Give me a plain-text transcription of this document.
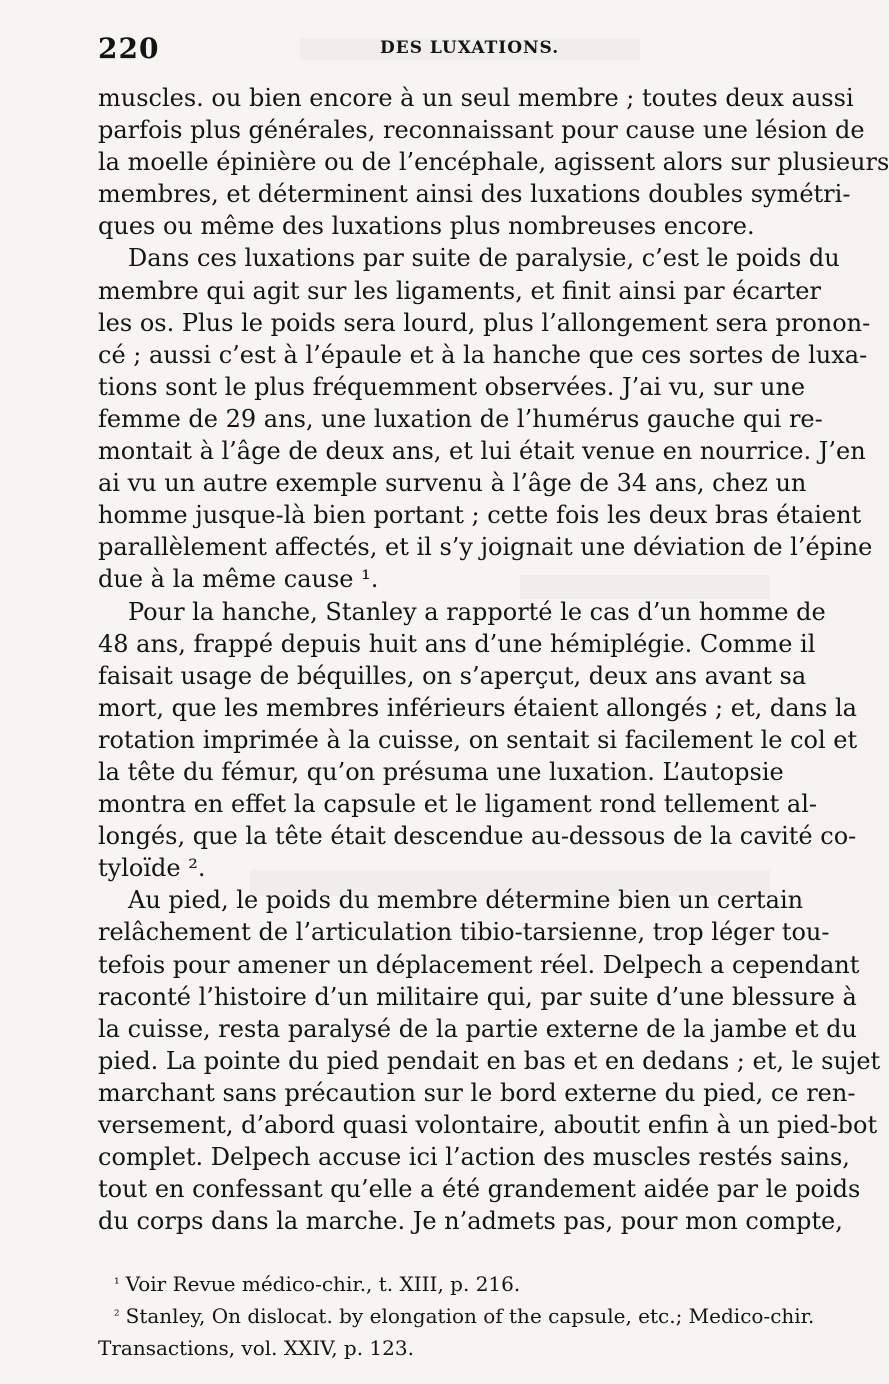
220	DES LUXATIONS.
muscles. ou bien encore à un seul membre ; toutes deux aussi
parfois plus générales, reconnaissant pour cause une lésion de
la moelle épinière ou de l’encéphale, agissent alors sur plusieurs
membres, et déterminent ainsi des luxations doubles symétri-
ques ou même des luxations plus nombreuses encore.
Dans ces luxations par suite de paralysie, c’est le poids du
membre qui agit sur les ligaments, et finit ainsi par écarter
les os. Plus le poids sera lourd, plus l’allongement sera pronon-
cé ; aussi c’est à l’épaule et à la hanche que ces sortes de luxa-
tions sont le plus fréquemment observées. J’ai vu, sur une
femme de 29 ans, une luxation de l’humérus gauche qui re-
montait à l’âge de deux ans, et lui était venue en nourrice. J’en
ai vu un autre exemple survenu à l’âge de 34 ans, chez un
homme jusque-là bien portant ; cette fois les deux bras étaient
parallèlement affectés, et il s’y joignait une déviation de l’épine
due à la même cause ¹.
Pour la hanche, Stanley a rapporté le cas d’un homme de
48 ans, frappé depuis huit ans d’une hémiplégie. Comme il
faisait usage de béquilles, on s’aperçut, deux ans avant sa
mort, que les membres inférieurs étaient allongés ; et, dans la
rotation imprimée à la cuisse, on sentait si facilement le col et
la tête du fémur, qu’on présuma une luxation. L’autopsie
montra en effet la capsule et le ligament rond tellement al-
longés, que la tête était descendue au-dessous de la cavité co-
tyloïde ².
Au pied, le poids du membre détermine bien un certain
relâchement de l’articulation tibio-tarsienne, trop léger tou-
tefois pour amener un déplacement réel. Delpech a cependant
raconté l’histoire d’un militaire qui, par suite d’une blessure à
la cuisse, resta paralysé de la partie externe de la jambe et du
pied. La pointe du pied pendait en bas et en dedans ; et, le sujet
marchant sans précaution sur le bord externe du pied, ce ren-
versement, d’abord quasi volontaire, aboutit enfin à un pied-bot
complet. Delpech accuse ici l’action des muscles restés sains,
tout en confessant qu’elle a été grandement aidée par le poids
du corps dans la marche. Je n’admets pas, pour mon compte,
$^{^1}$ Voir Revue médico-chir., t. XIII, p. 216.
$^{^2}$ Stanley, On dislocat. by elongation of the capsule, etc.; Medico-chir.
Transactions, vol. XXIV, p. 123.
